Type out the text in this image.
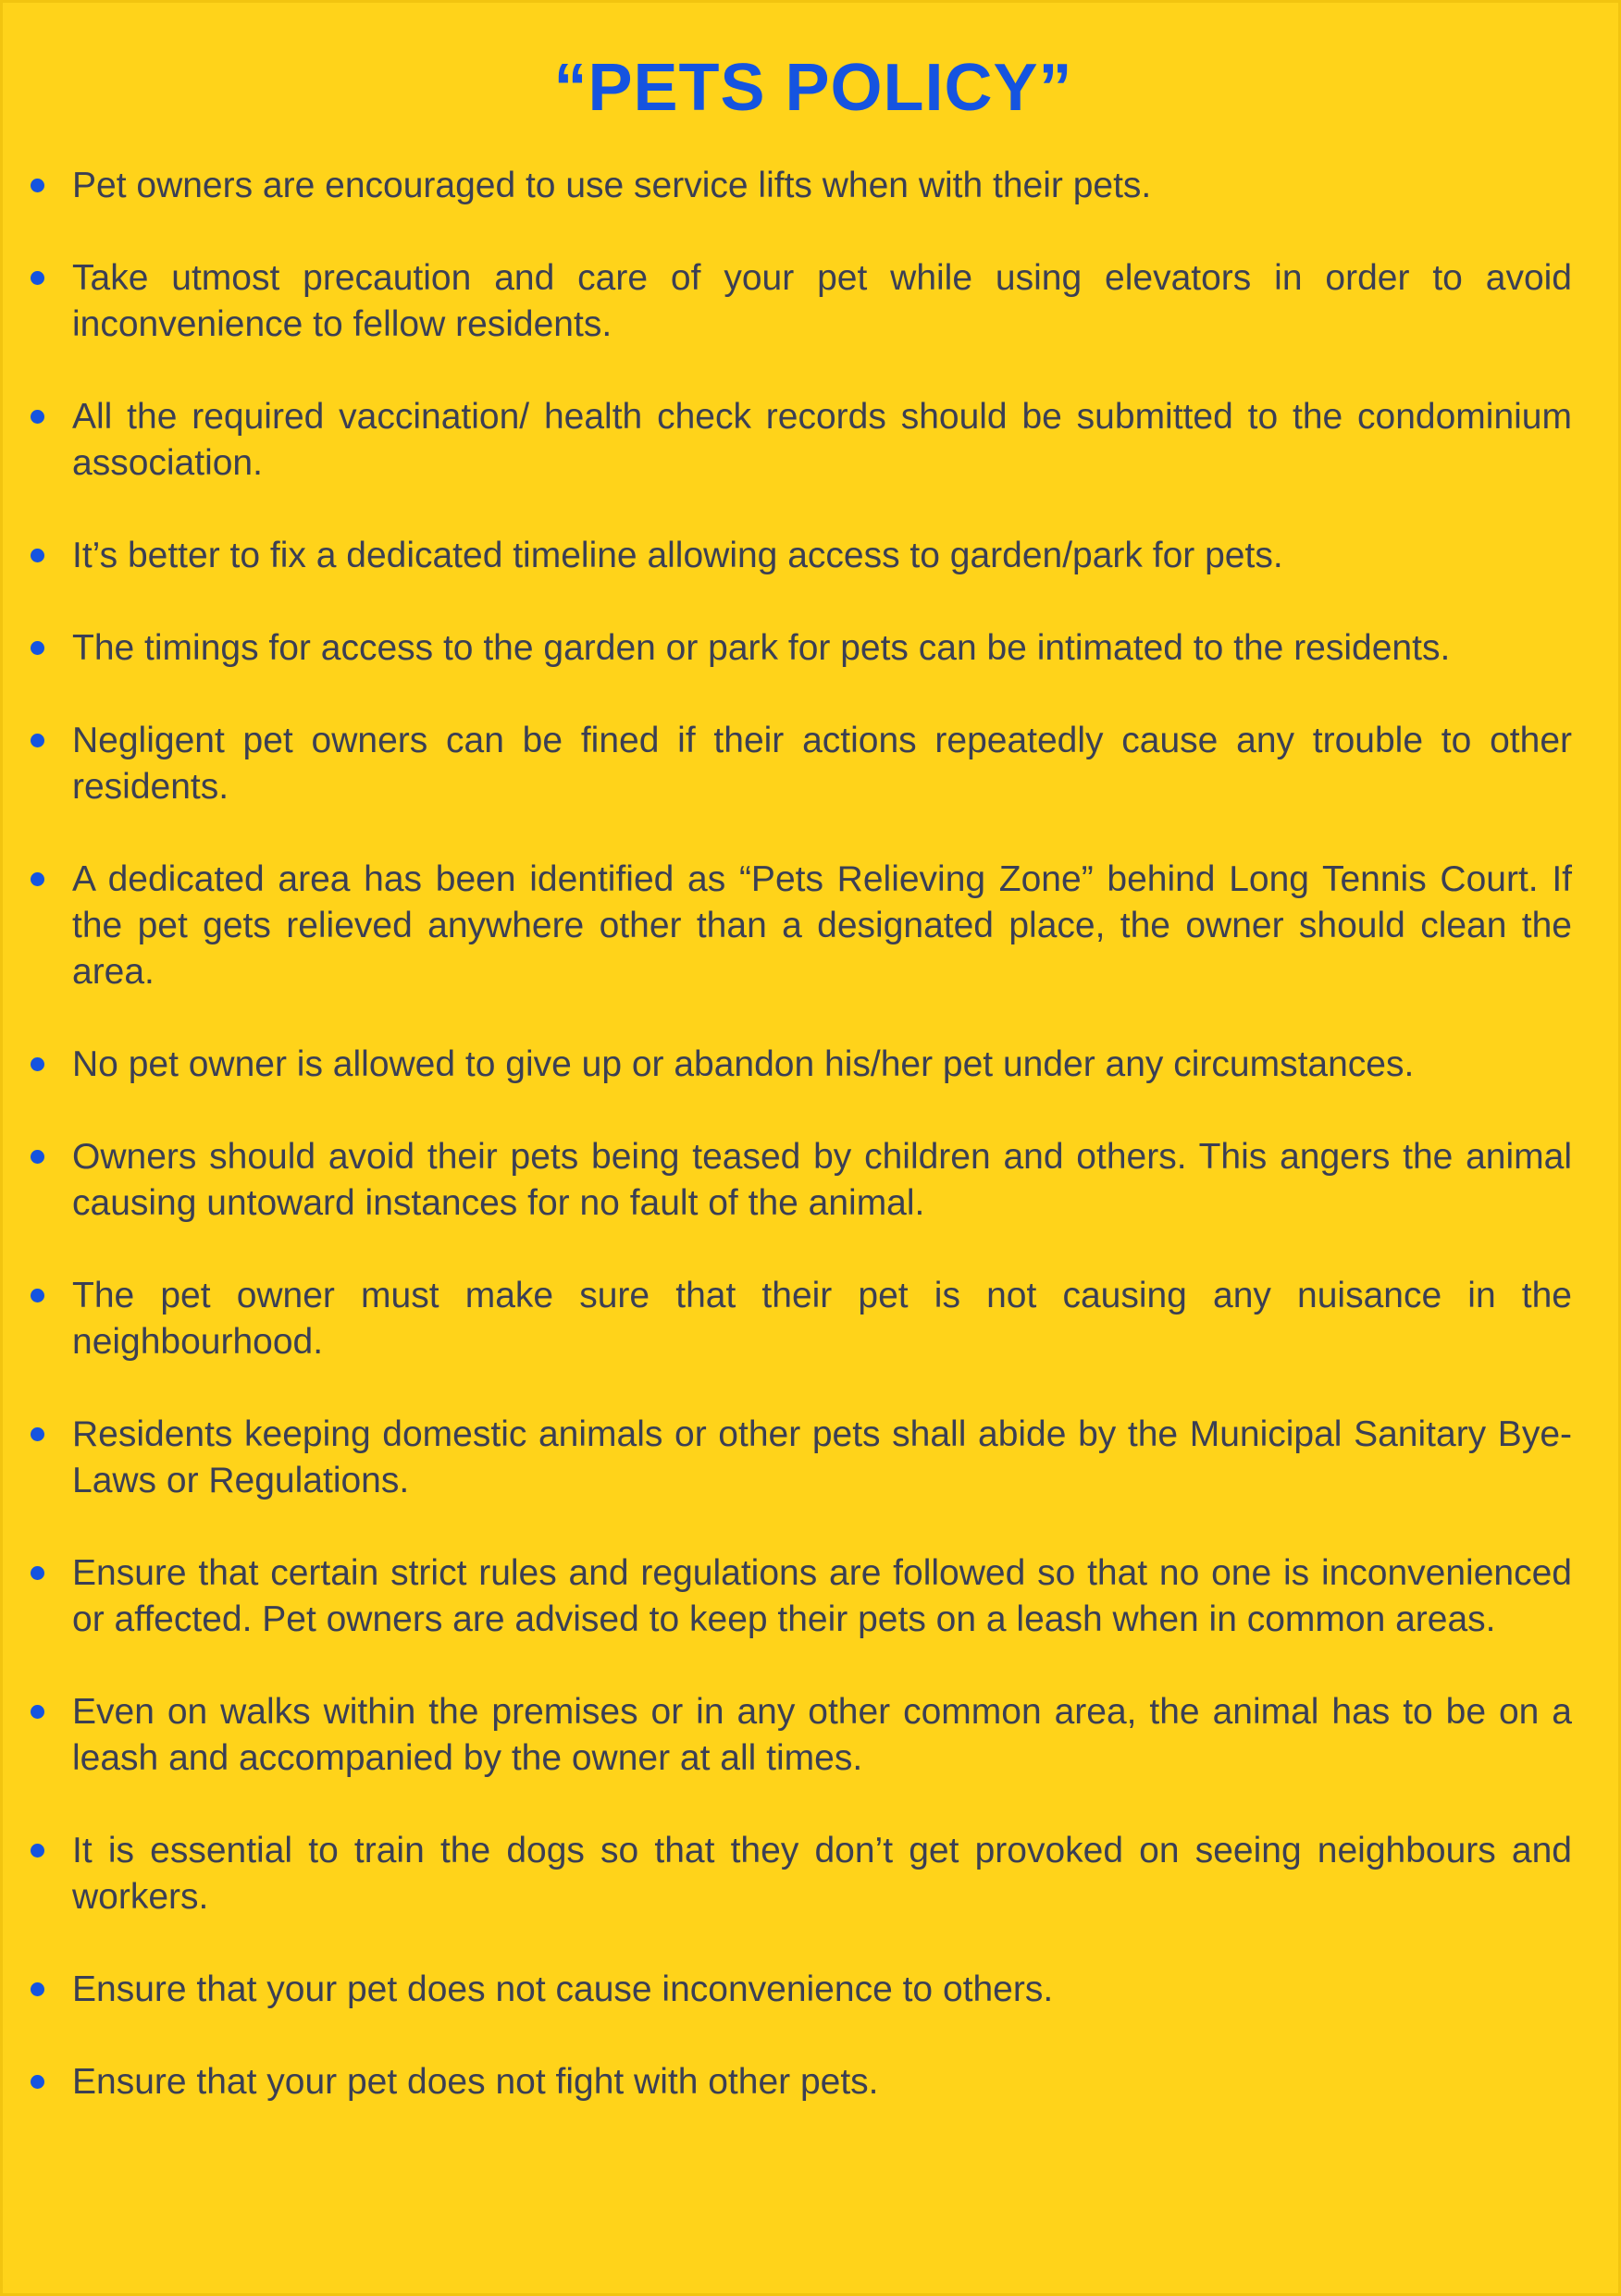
“PETS POLICY”
Pet owners are encouraged to use service lifts when with their pets.
Take utmost precaution and care of your pet while using elevators in order to avoid inconvenience to fellow residents.
All the required vaccination/ health check records should be submitted to the condominium association.
It’s better to fix a dedicated timeline allowing access to garden/park for pets.
The timings for access to the garden or park for pets can be intimated to the residents.
Negligent pet owners can be fined if their actions repeatedly cause any trouble to other residents.
A dedicated area has been identified as “Pets Relieving Zone” behind Long Tennis Court. If the pet gets relieved anywhere other than a designated place, the owner should clean the area.
No pet owner is allowed to give up or abandon his/her pet under any circumstances.
Owners should avoid their pets being teased by children and others. This angers the animal causing untoward instances for no fault of the animal.
The pet owner must make sure that their pet is not causing any nuisance in the neighbourhood.
Residents keeping domestic animals or other pets shall abide by the Municipal Sanitary Bye-Laws or Regulations.
Ensure that certain strict rules and regulations are followed so that no one is inconvenienced or affected. Pet owners are advised to keep their pets on a leash when in common areas.
Even on walks within the premises or in any other common area, the animal has to be on a leash and accompanied by the owner at all times.
It is essential to train the dogs so that they don’t get provoked on seeing neighbours and workers.
Ensure that your pet does not cause inconvenience to others.
Ensure that your pet does not fight with other pets.
